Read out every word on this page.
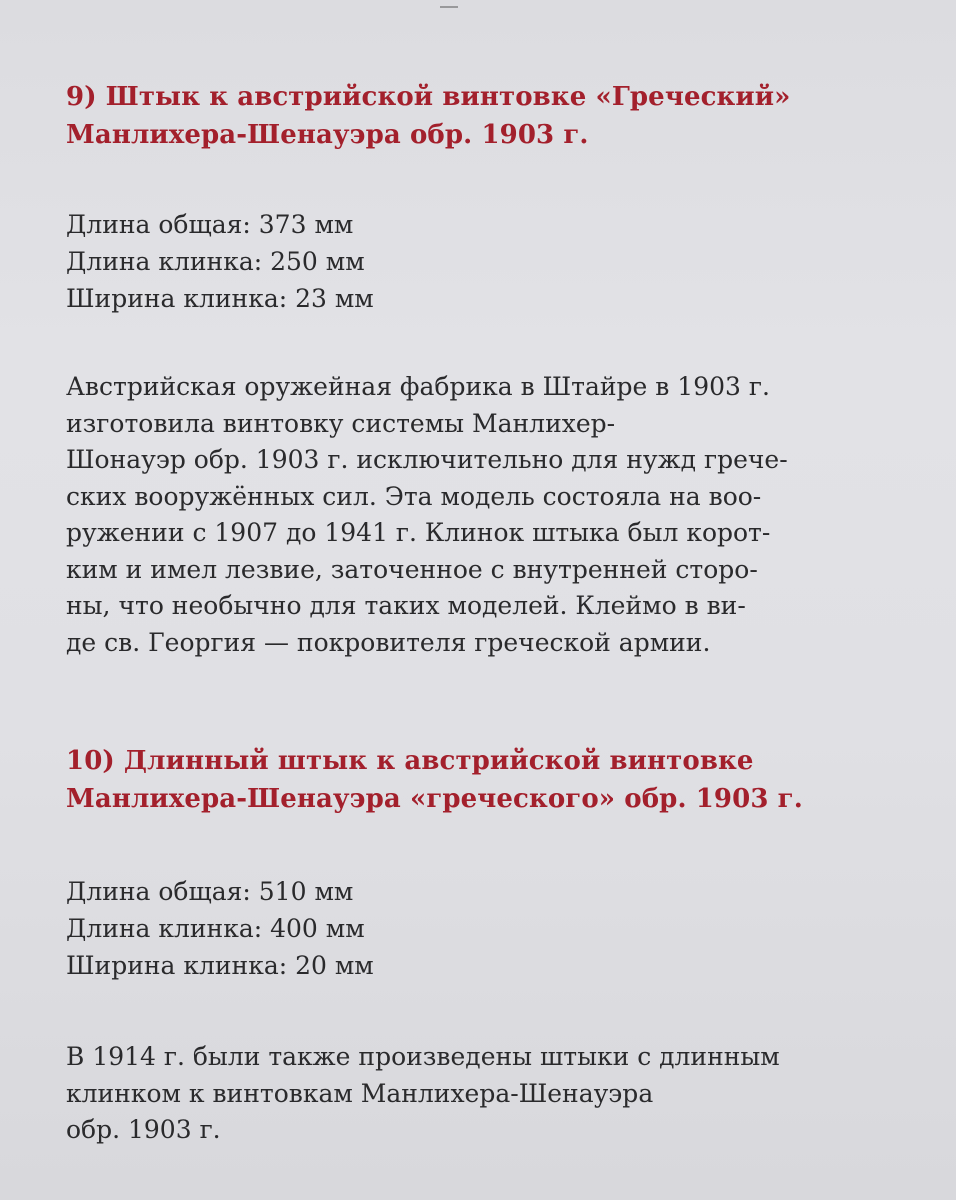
9) Штык к австрийской винтовке «Греческий»
Манлихера-Шенауэра обр. 1903 г.
Длина общая: 373 мм
Длина клинка: 250 мм
Ширина клинка: 23 мм
Австрийская оружейная фабрика в Штайре в 1903 г.
изготовила винтовку системы Манлихер-
Шонауэр обр. 1903 г. исключительно для нужд грече-
ских вооружённых сил. Эта модель состояла на воо-
ружении с 1907 до 1941 г. Клинок штыка был корот-
ким и имел лезвие, заточенное с внутренней сторо-
ны, что необычно для таких моделей. Клеймо в ви-
де св. Георгия — покровителя греческой армии.
10) Длинный штык к австрийской винтовке
Манлихера-Шенауэра «греческого» обр. 1903 г.
Длина общая: 510 мм
Длина клинка: 400 мм
Ширина клинка: 20 мм
В 1914 г. были также произведены штыки с длинным
клинком к винтовкам Манлихера-Шенауэра
обр. 1903 г.
